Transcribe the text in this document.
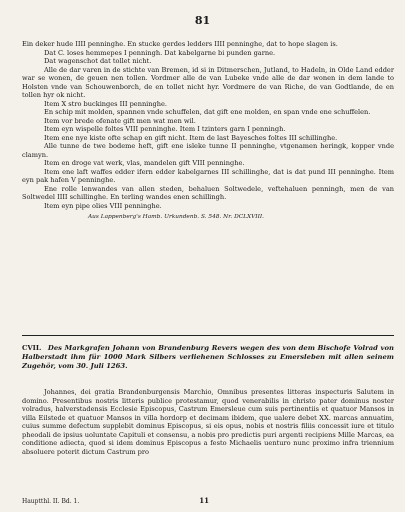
81

Ein deker hude IIII penninghe. En stucke gerdes ledders IIII penninghe, dat to hope slagen is.

Dat C. loses hemmepes I penningh. Dat kabelgarne bi punden garne.

Dat wagenschot dat tollet nicht.

Alle de dar varen in de stichte van Bremen, id si in Ditmerschen, Jutland, to Hadeln, in Olde Land edder war se wonen, de geuen nen tollen. Vordmer alle de van Lubeke vnde alle de dar wonen in dem lande to Holsten vnde van Schouwenborch, de en tollet nicht hyr. Vordmere de van Riche, de van Godtlande, de en tollen hyr ok nicht.

Item X stro buckinges III penninghe.

En schip mit molden, spannen vnde schuffelen, dat gift ene molden, en span vnde ene schuffelen.

Item vor brede ofenate gift men wat men wil.

Item eyn wispelle foltes VIII penninghe. Item I tzinters garn I penningh.

Item ene nye kiste ofte schap en gift nicht. Item de last Bayesches foltes III schillinghe.

Alle tunne de twe bodeme heft, gift ene isleke tunne II penninghe, vtgenamen heringk, kopper vnde clamyn.

Item en droge vat werk, vlas, mandelen gift VIII penninghe.

Item ene laft waffes edder ifern edder kabelgarnes III schillinghe, dat is dat pund III penninghe. Item eyn pak hafen V penninghe.

Ene rolle lenwandes van allen steden, behaluen Soltwedele, veftehaluen penningh, men de van Soltwedel IIII schillinghe. En terling wandes enen schillingh.

Item eyn pipe olies VIII penninghe.

Aus Lappenberg's Hamb. Urkundenb. S. 548. Nr. DCLXVIII.
CVII. Des Markgrafen Johann von Brandenburg Revers wegen des von dem Bischofe Volrad von Halberstadt ihm für 1000 Mark Silbers verliehenen Schlosses zu Emersleben mit allen seinem Zugehör, vom 30. Juli 1263.

Johannes, dei gratia Brandenburgensis Marchio, Omnibus presentes litteras inspecturis Salutem in domino. Presentibus nostris litteris publice protestamur, quod venerabilis in christo pater dominus noster volradus, halverstadensis Ecclesie Episcopus, Castrum Emersleue cum suis pertinentiis et quatuor Mansos in villa Eilstede et quatuor Mansos in villa hordorp et decimam ibidem, que ualere debet XX. marcas annuatim, cuius summe defectum supplebit dominus Episcopus, si eis opus, nobis et nostris filiis concessit iure et titulo pheodali de ipsius uoluntate Capituli et consensu, a nobis pro predictis puri argenti recipiens Mille Marcas, ea conditione adiecta, quod si idem dominus Episcopus a festo Michaelis uenturo nunc proximo infra triennium absoluere poterit dictum Castrum pro

Hauptthl. II. Bd. 1.	11
